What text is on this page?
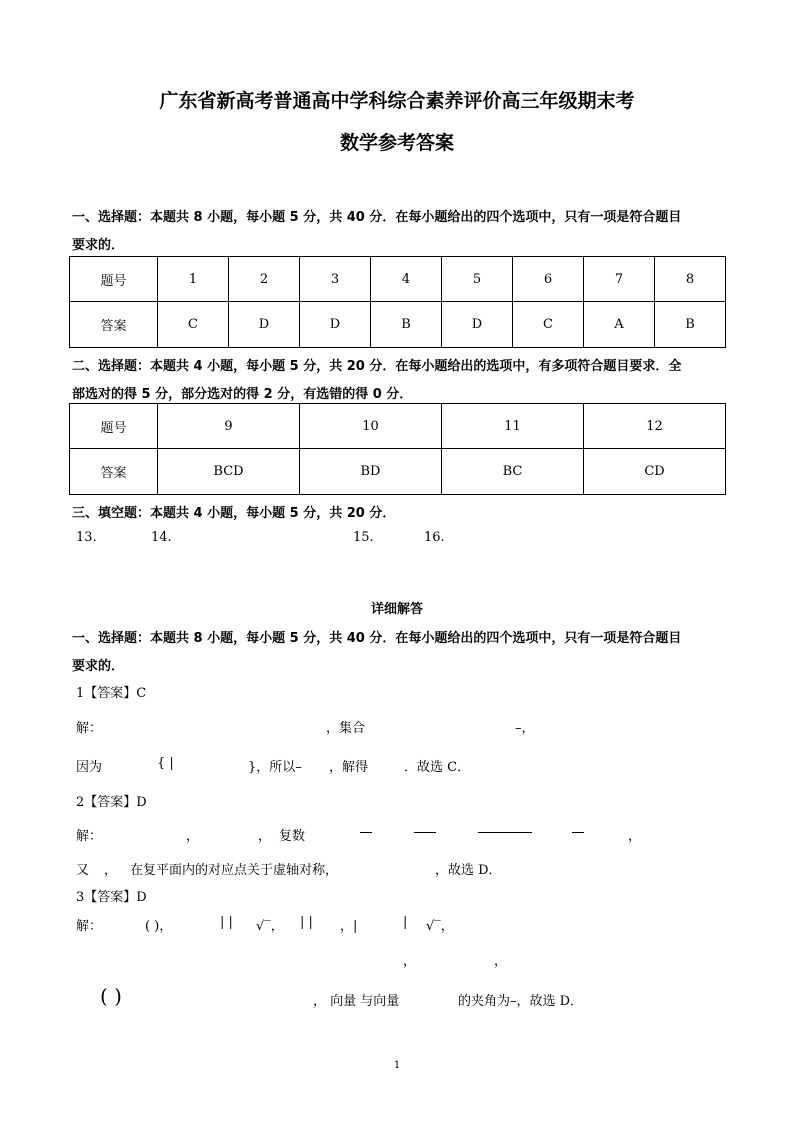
广东省新高考普通高中学科综合素养评价高三年级期末考
数学参考答案
一、选择题：本题共 8 小题，每小题 5 分，共 40 分．在每小题给出的四个选项中，只有一项是符合题目
要求的．
题号	1	2	3	4	5	6	7	8
答案	C	D	D	B	D	C	A	B
二、选择题：本题共 4 小题，每小题 5 分，共 20 分．在每小题给出的选项中，有多项符合题目要求．全
部选对的得 5 分，部分选对的得 2 分，有选错的得 0 分．
题号	9	10	11	12
答案	BCD	BD	BC	CD
三、填空题：本题共 4 小题，每小题 5 分，共 20 分．
13.	14.	15.	16.
详细解答
一、选择题：本题共 8 小题，每小题 5 分，共 40 分．在每小题给出的四个选项中，只有一项是符合题目
要求的．
1【答案】C
解：	，集合	–，
因为	{ |	}，所以– ，解得	．故选 C．
2【答案】D
解：	，	， 复数	，
又 ， 在复平面内的对应点关于虚轴对称，	，故选 D．
3【答案】D
解：	( )，	| | √‾， | | ，|	| √‾，
，	，
( )	， 向量 与向量	的夹角为–，故选 D．
1
